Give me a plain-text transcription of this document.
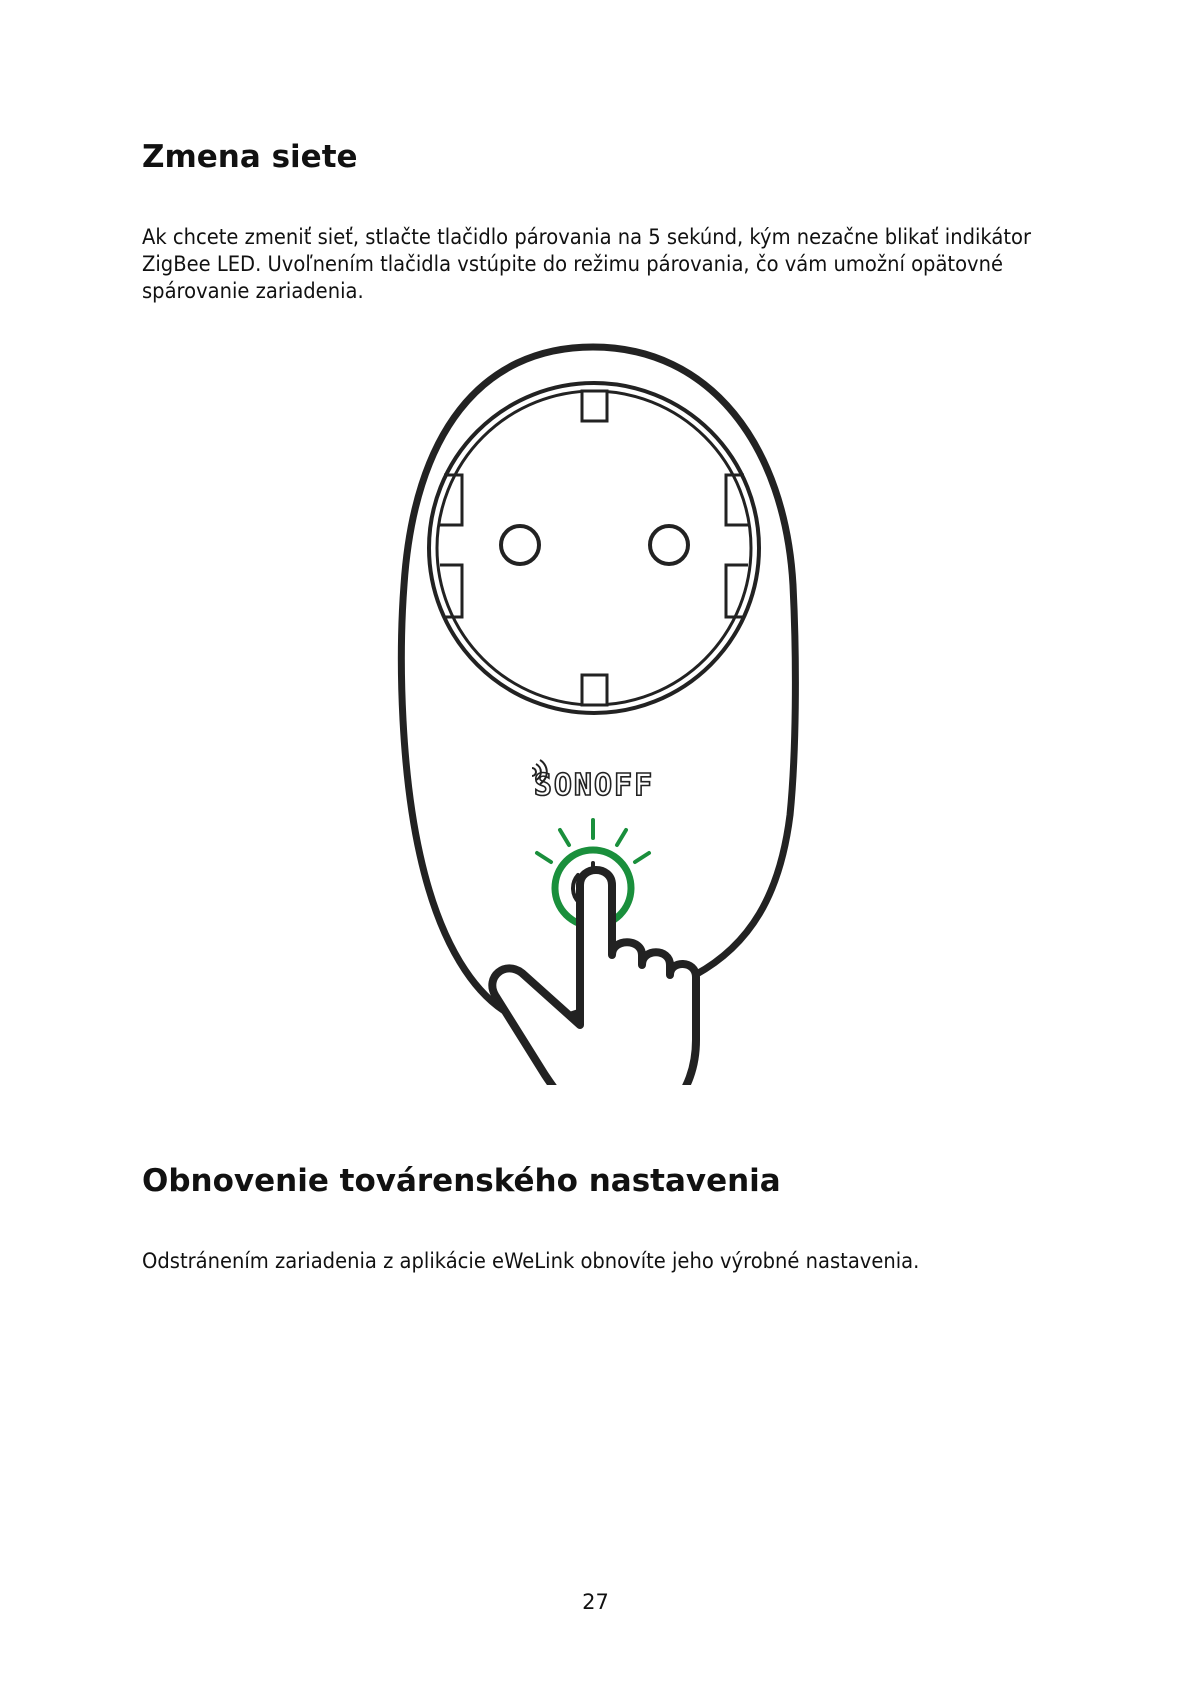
Zmena siete

Ak chcete zmeniť sieť, stlačte tlačidlo párovania na 5 sekúnd, kým nezačne blikať indikátor ZigBee LED. Uvoľnením tlačidla vstúpite do režimu párovania, čo vám umožní opätovné spárovanie zariadenia.

SONOFF
Obnovenie továrenského nastavenia

Odstránením zariadenia z aplikácie eWeLink obnovíte jeho výrobné nastavenia.

27
